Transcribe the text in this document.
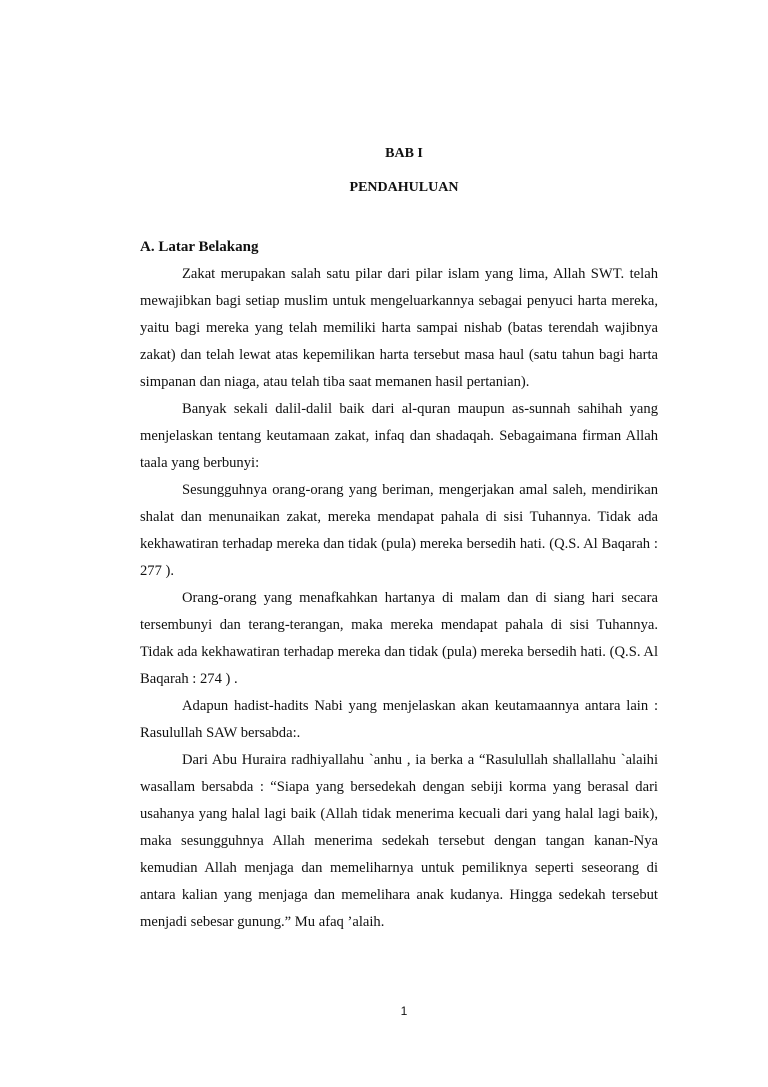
BAB I
PENDAHULUAN
A. Latar Belakang

Zakat merupakan salah satu pilar dari pilar islam yang lima, Allah SWT. telah mewajibkan bagi setiap muslim untuk mengeluarkannya sebagai penyuci harta mereka, yaitu bagi mereka yang telah memiliki harta sampai nishab (batas terendah wajibnya zakat) dan telah lewat atas kepemilikan harta tersebut masa haul (satu tahun bagi harta simpanan dan niaga, atau telah tiba saat memanen hasil pertanian).

Banyak sekali dalil-dalil baik dari al-quran maupun as-sunnah sahihah yang menjelaskan tentang keutamaan zakat, infaq dan shadaqah. Sebagaimana firman Allah taala yang berbunyi:

Sesungguhnya orang-orang yang beriman, mengerjakan amal saleh, mendirikan shalat dan menunaikan zakat, mereka mendapat pahala di sisi Tuhannya. Tidak ada kekhawatiran terhadap mereka dan tidak (pula) mereka bersedih hati. (Q.S. Al Baqarah : 277 ).

Orang-orang yang menafkahkan hartanya di malam dan di siang hari secara tersembunyi dan terang-terangan, maka mereka mendapat pahala di sisi Tuhannya. Tidak ada kekhawatiran terhadap mereka dan tidak (pula) mereka bersedih hati. (Q.S. Al Baqarah : 274 ) .

Adapun hadist-hadits Nabi yang menjelaskan akan keutamaannya antara lain : Rasulullah SAW bersabda:.

Dari Abu Huraira radhiyallahu `anhu , ia berka a “Rasulullah shallallahu `alaihi wasallam bersabda : “Siapa yang bersedekah dengan sebiji korma yang berasal dari usahanya yang halal lagi baik (Allah tidak menerima kecuali dari yang halal lagi baik), maka sesungguhnya Allah menerima sedekah tersebut dengan tangan kanan-Nya kemudian Allah menjaga dan memeliharnya untuk pemiliknya seperti seseorang di antara kalian yang menjaga dan memelihara anak kudanya. Hingga sedekah tersebut menjadi sebesar gunung.” Mu afaq ’alaih.

1
